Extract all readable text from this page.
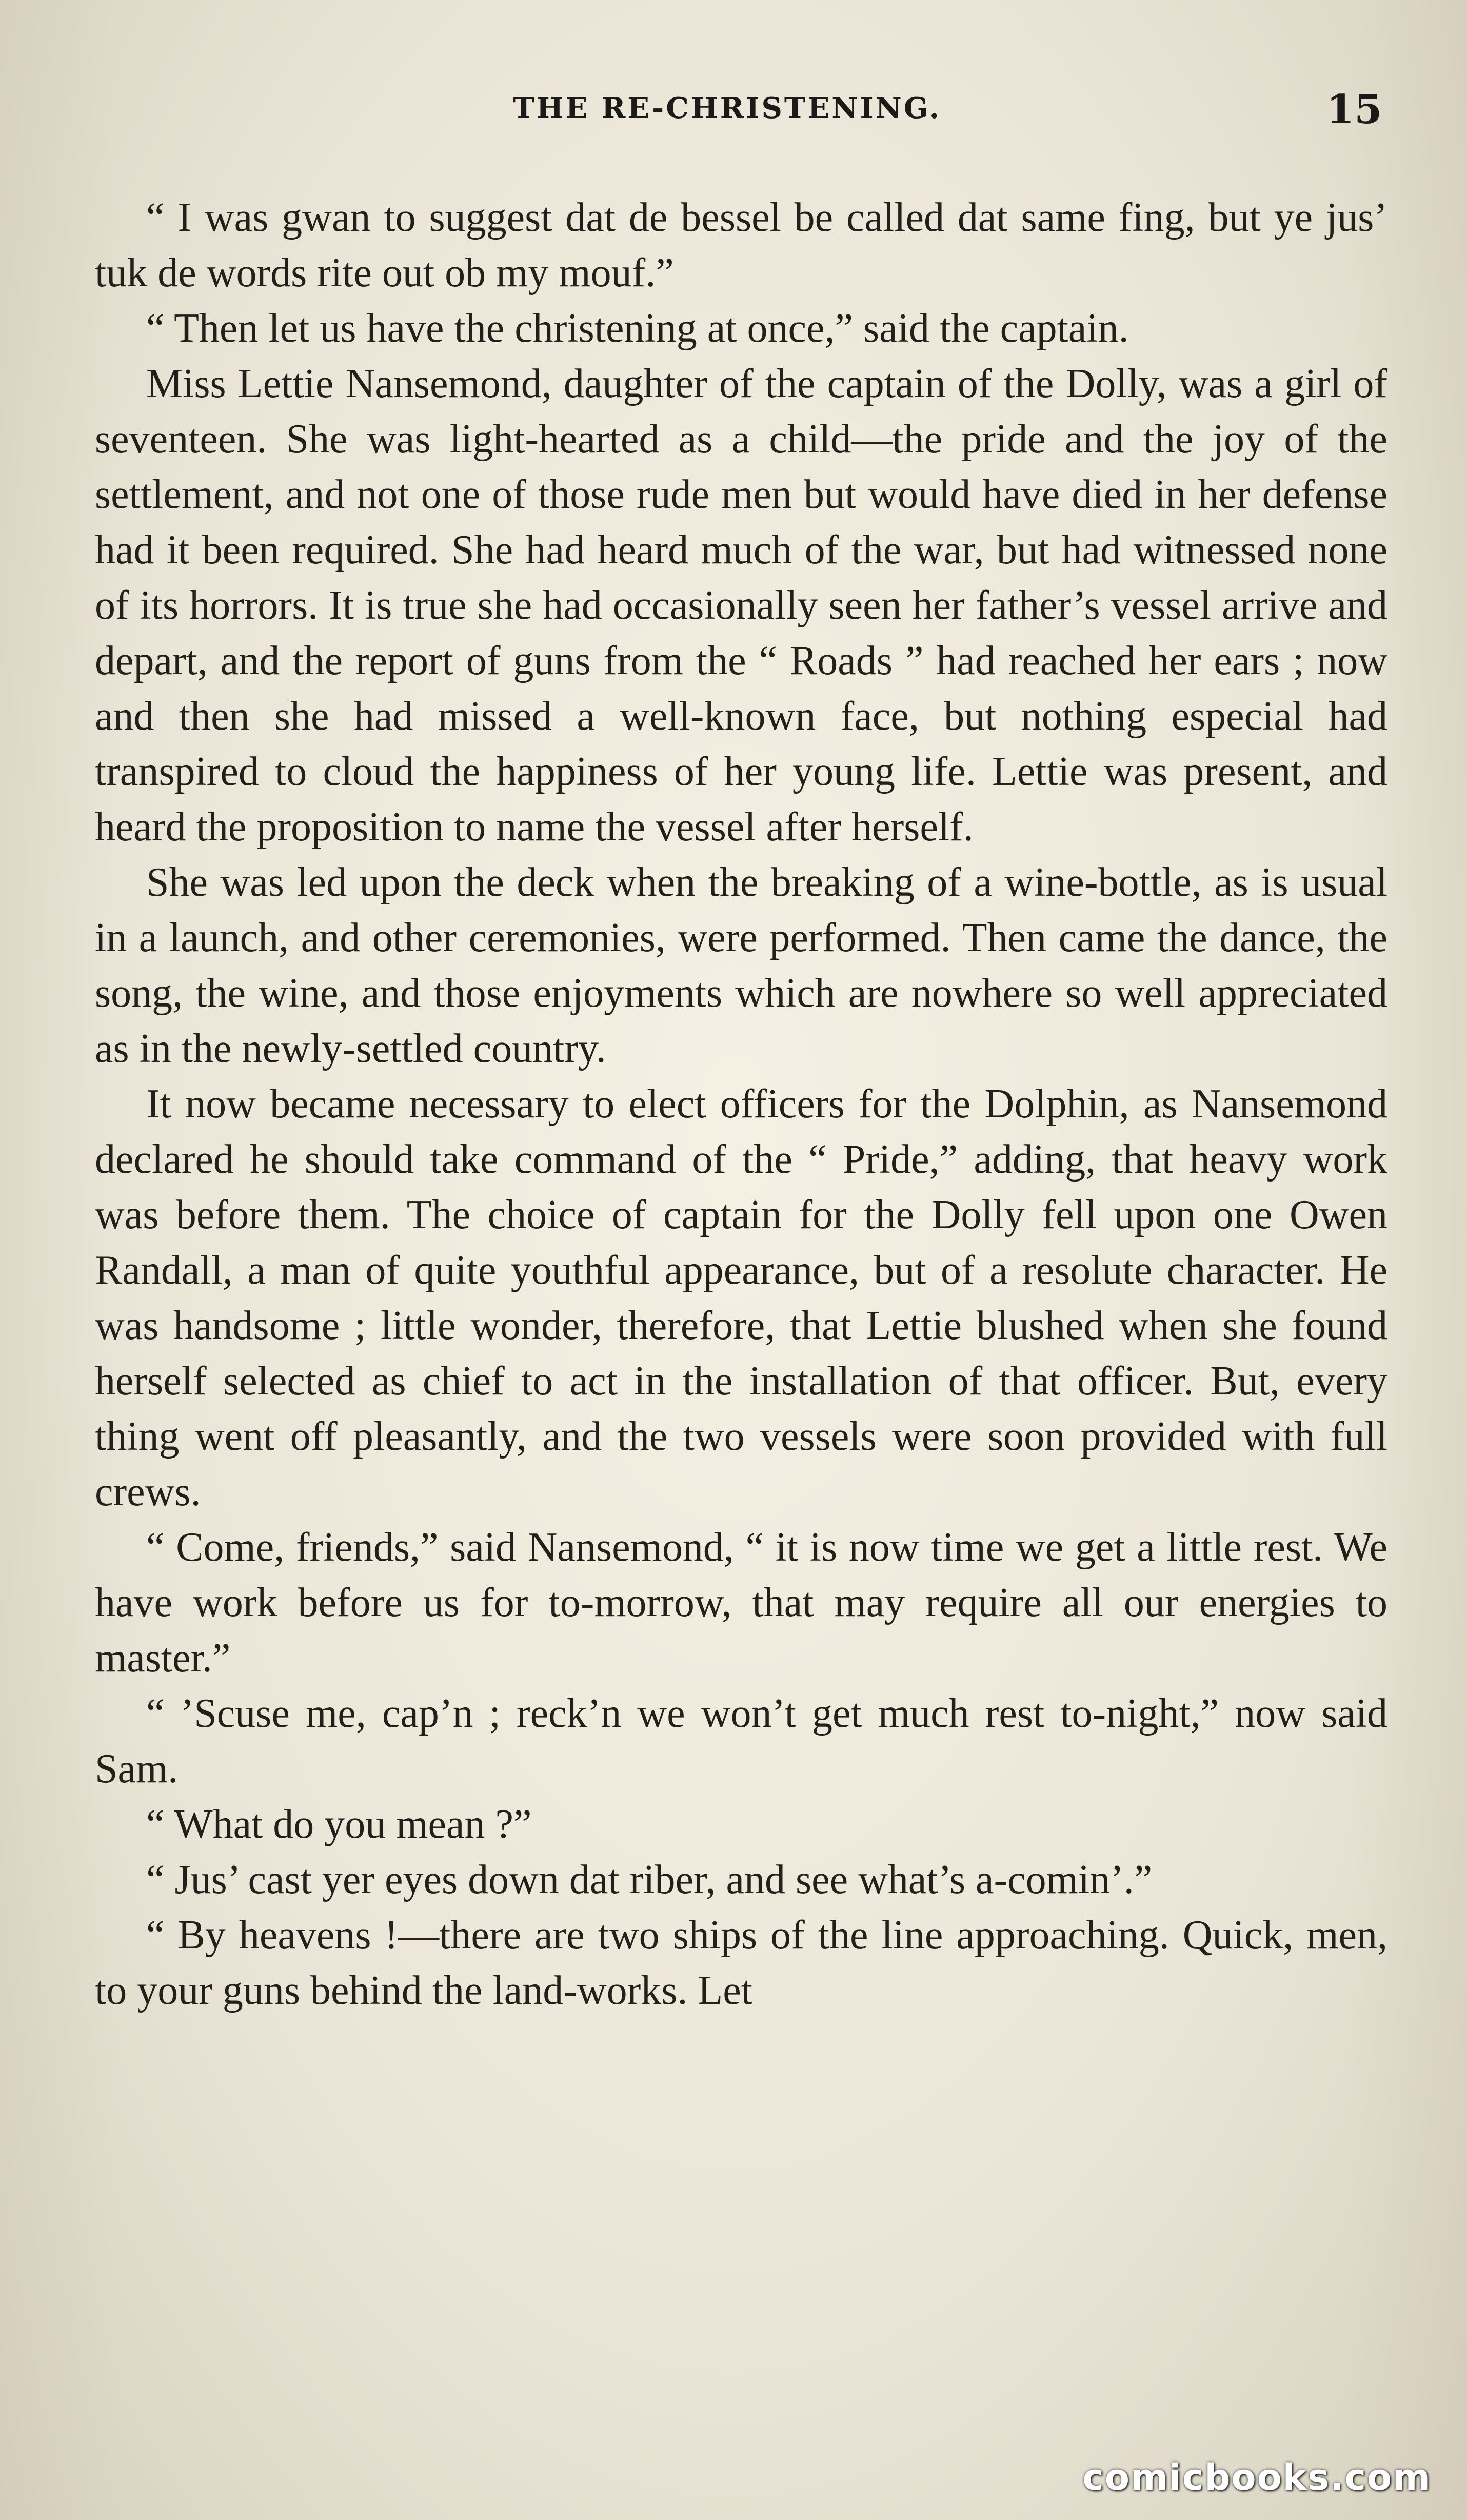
THE RE-CHRISTENING.	15

“ I was gwan to suggest dat de bessel be called dat same fing, but ye jus’ tuk de words rite out ob my mouf.”

“ Then let us have the christening at once,” said the captain.

Miss Lettie Nansemond, daughter of the captain of the Dolly, was a girl of seventeen. She was light-hearted as a child—the pride and the joy of the settlement, and not one of those rude men but would have died in her defense had it been required. She had heard much of the war, but had witnessed none of its horrors. It is true she had occasionally seen her father’s vessel arrive and depart, and the report of guns from the “ Roads ” had reached her ears ; now and then she had missed a well-known face, but nothing especial had transpired to cloud the happiness of her young life. Lettie was present, and heard the proposition to name the vessel after herself.

She was led upon the deck when the breaking of a wine-bottle, as is usual in a launch, and other ceremonies, were performed. Then came the dance, the song, the wine, and those enjoyments which are nowhere so well appreciated as in the newly-settled country.

It now became necessary to elect officers for the Dolphin, as Nansemond declared he should take command of the “ Pride,” adding, that heavy work was before them. The choice of captain for the Dolly fell upon one Owen Randall, a man of quite youthful appearance, but of a resolute character. He was handsome ; little wonder, therefore, that Lettie blushed when she found herself selected as chief to act in the installation of that officer. But, every thing went off pleasantly, and the two vessels were soon provided with full crews.

“ Come, friends,” said Nansemond, “ it is now time we get a little rest. We have work before us for to-morrow, that may require all our energies to master.”

“ ’Scuse me, cap’n ; reck’n we won’t get much rest to-night,” now said Sam.

“ What do you mean ?”

“ Jus’ cast yer eyes down dat riber, and see what’s a-comin’.”

“ By heavens !—there are two ships of the line approaching. Quick, men, to your guns behind the land-works. Let

comicbooks.com
